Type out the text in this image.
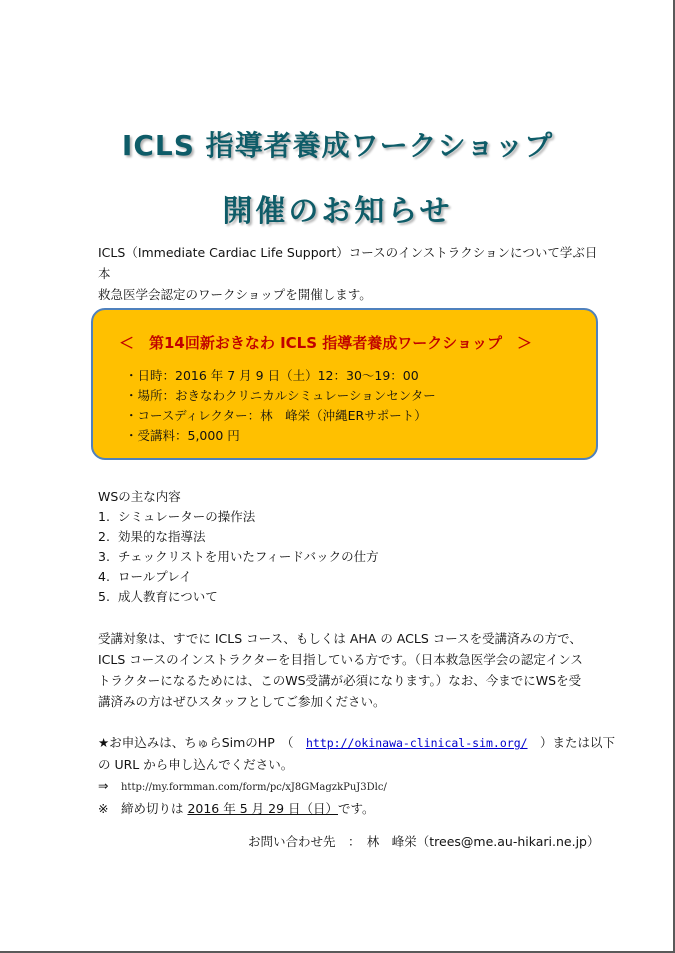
ICLS 指導者養成ワークショップ
開催のお知らせ
ICLS（Immediate Cardiac Life Support）コースのインストラクションについて学ぶ日本
救急医学会認定のワークショップを開催します。
＜　第14回新おきなわ ICLS 指導者養成ワークショップ　＞
・日時：2016 年 7 月 9 日（土）12：30〜19：00
・場所：おきなわクリニカルシミュレーションセンター
・コースディレクター：林　峰栄（沖縄ERサポート）
・受講料：5,000 円
WSの主な内容
1. シミュレーターの操作法
2. 効果的な指導法
3. チェックリストを用いたフィードバックの仕方
4. ロールプレイ
5. 成人教育について
受講対象は、すでに ICLS コース、もしくは AHA の ACLS コースを受講済みの方で、
ICLS コースのインストラクターを目指している方です。（日本救急医学会の認定インス
トラクターになるためには、このWS受講が必須になります。）なお、今までにWSを受
講済みの方はぜひスタッフとしてご参加ください。
★お申込みは、ちゅらSimのHP　（　http://okinawa-clinical-sim.org/　）または以下
の URL から申し込んでください。
⇒　http://my.formman.com/form/pc/xJ8GMagzkPuJ3Dlc/
※　締め切りは 2016 年 5 月 29 日（日）です。
お問い合わせ先　：　林　峰栄（trees@me.au-hikari.ne.jp）
